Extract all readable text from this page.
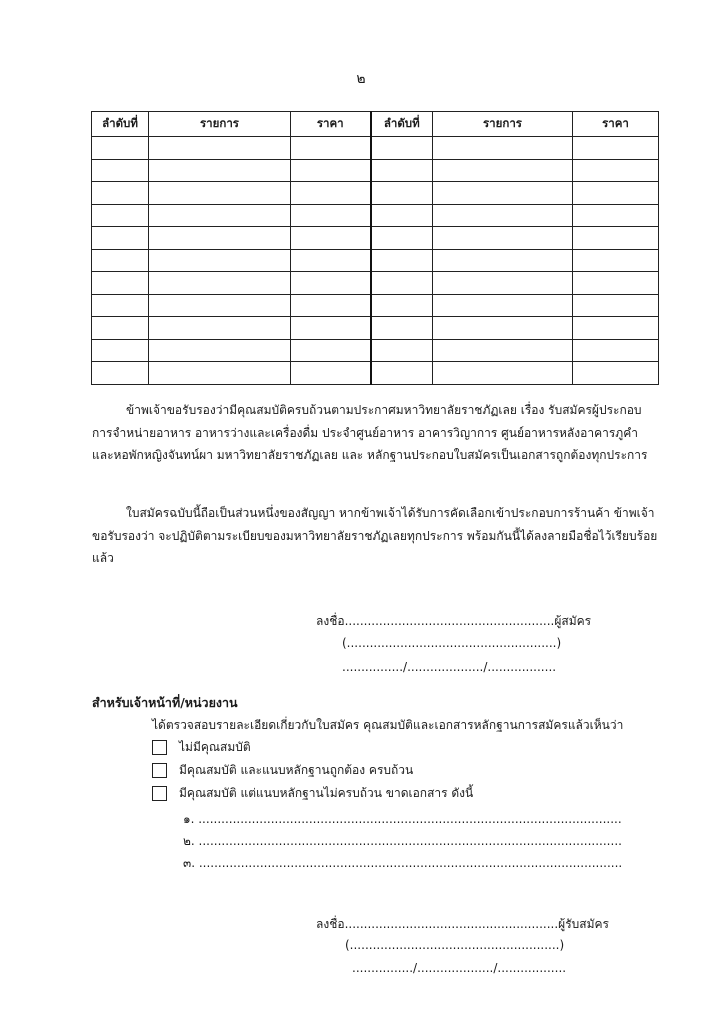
๒
ลำดับที่	รายการ	ราคา	ลำดับที่	รายการ	ราคา

ข้าพเจ้าขอรับรองว่ามีคุณสมบัติครบถ้วนตามประกาศมหาวิทยาลัยราชภัฏเลย เรื่อง รับสมัครผู้ประกอบการจำหน่ายอาหาร อาหารว่างและเครื่องดื่ม ประจำศูนย์อาหาร อาคารวิญาการ ศูนย์อาหารหลังอาคารภูคำ และหอพักหญิงจันทน์ผา มหาวิทยาลัยราชภัฏเลย และ หลักฐานประกอบใบสมัครเป็นเอกสารถูกต้องทุกประการ

ใบสมัครฉบับนี้ถือเป็นส่วนหนึ่งของสัญญา หากข้าพเจ้าได้รับการคัดเลือกเข้าประกอบการร้านค้า ข้าพเจ้า ขอรับรองว่า จะปฏิบัติตามระเบียบของมหาวิทยาลัยราชภัฏเลยทุกประการ พร้อมกันนี้ได้ลงลายมือชื่อไว้เรียบร้อยแล้ว

ลงชื่อ.......................................................ผู้สมัคร
(.......................................................)
................/..................../..................
สำหรับเจ้าหน้าที่/หน่วยงาน
ได้ตรวจสอบรายละเอียดเกี่ยวกับใบสมัคร คุณสมบัติและเอกสารหลักฐานการสมัครแล้วเห็นว่า
ไม่มีคุณสมบัติ
มีคุณสมบัติ และแนบหลักฐานถูกต้อง ครบถ้วน
มีคุณสมบัติ แต่แนบหลักฐานไม่ครบถ้วน ขาดเอกสาร ดังนี้
๑. ...............................................................................................................
๒. ...............................................................................................................
๓. ...............................................................................................................
ลงชื่อ........................................................ผู้รับสมัคร
(.......................................................)
................/..................../..................
